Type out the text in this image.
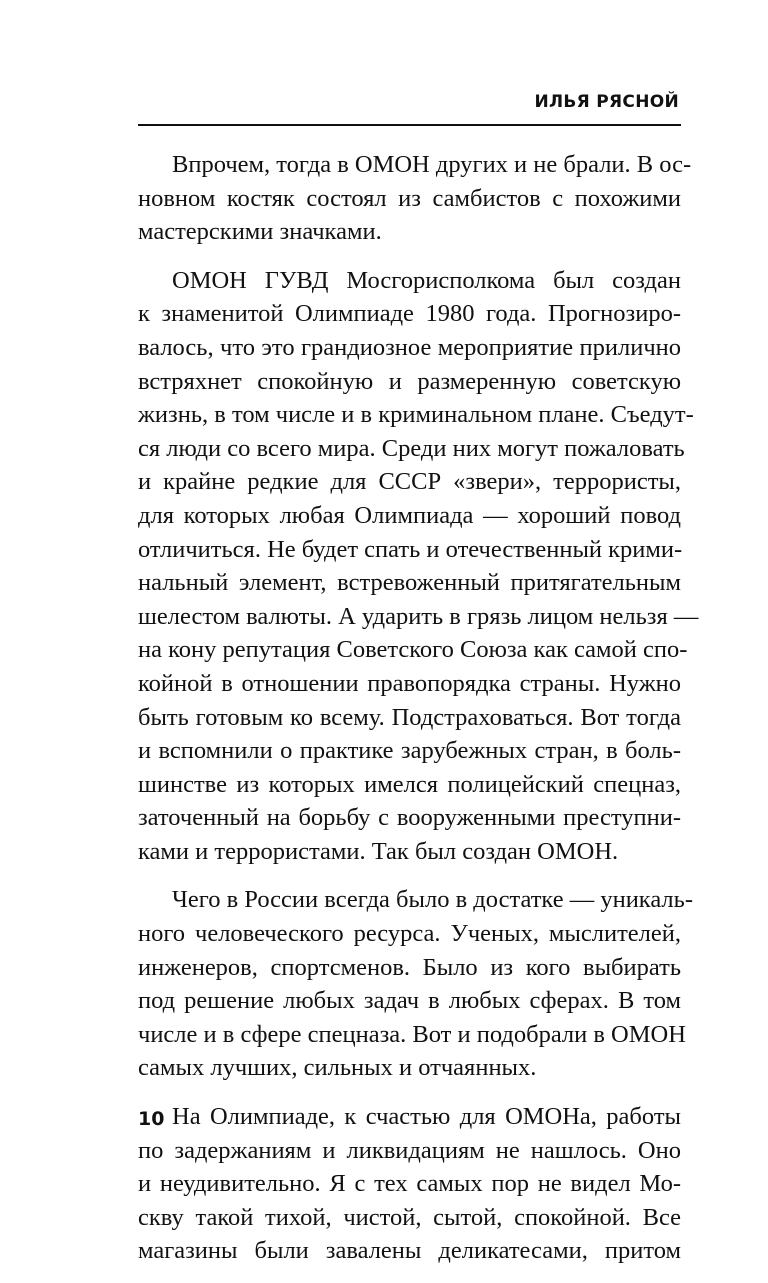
ИЛЬЯ РЯСНОЙ
Впрочем, тогда в ОМОН других и не брали. В ос-
новном костяк состоял из самбистов с похожими
мастерскими значками.
ОМОН ГУВД Мосгорисполкома был создан
к знаменитой Олимпиаде 1980 года. Прогнозиро-
валось, что это грандиозное мероприятие прилично
встряхнет спокойную и размеренную советскую
жизнь, в том числе и в криминальном плане. Съедут-
ся люди со всего мира. Среди них могут пожаловать
и крайне редкие для СССР «звери», террористы,
для которых любая Олимпиада — хороший повод
отличиться. Не будет спать и отечественный крими-
нальный элемент, встревоженный притягательным
шелестом валюты. А ударить в грязь лицом нельзя —
на кону репутация Советского Союза как самой спо-
койной в отношении правопорядка страны. Нужно
быть готовым ко всему. Подстраховаться. Вот тогда
и вспомнили о практике зарубежных стран, в боль-
шинстве из которых имелся полицейский спецназ,
заточенный на борьбу с вооруженными преступни-
ками и террористами. Так был создан ОМОН.
Чего в России всегда было в достатке — уникаль-
ного человеческого ресурса. Ученых, мыслителей,
инженеров, спортсменов. Было из кого выбирать
под решение любых задач в любых сферах. В том
числе и в сфере спецназа. Вот и подобрали в ОМОН
самых лучших, сильных и отчаянных.
На Олимпиаде, к счастью для ОМОНа, работы
по задержаниям и ликвидациям не нашлось. Оно
и неудивительно. Я с тех самых пор не видел Мо-
скву такой тихой, чистой, сытой, спокойной. Все
магазины были завалены деликатесами, притом
10
